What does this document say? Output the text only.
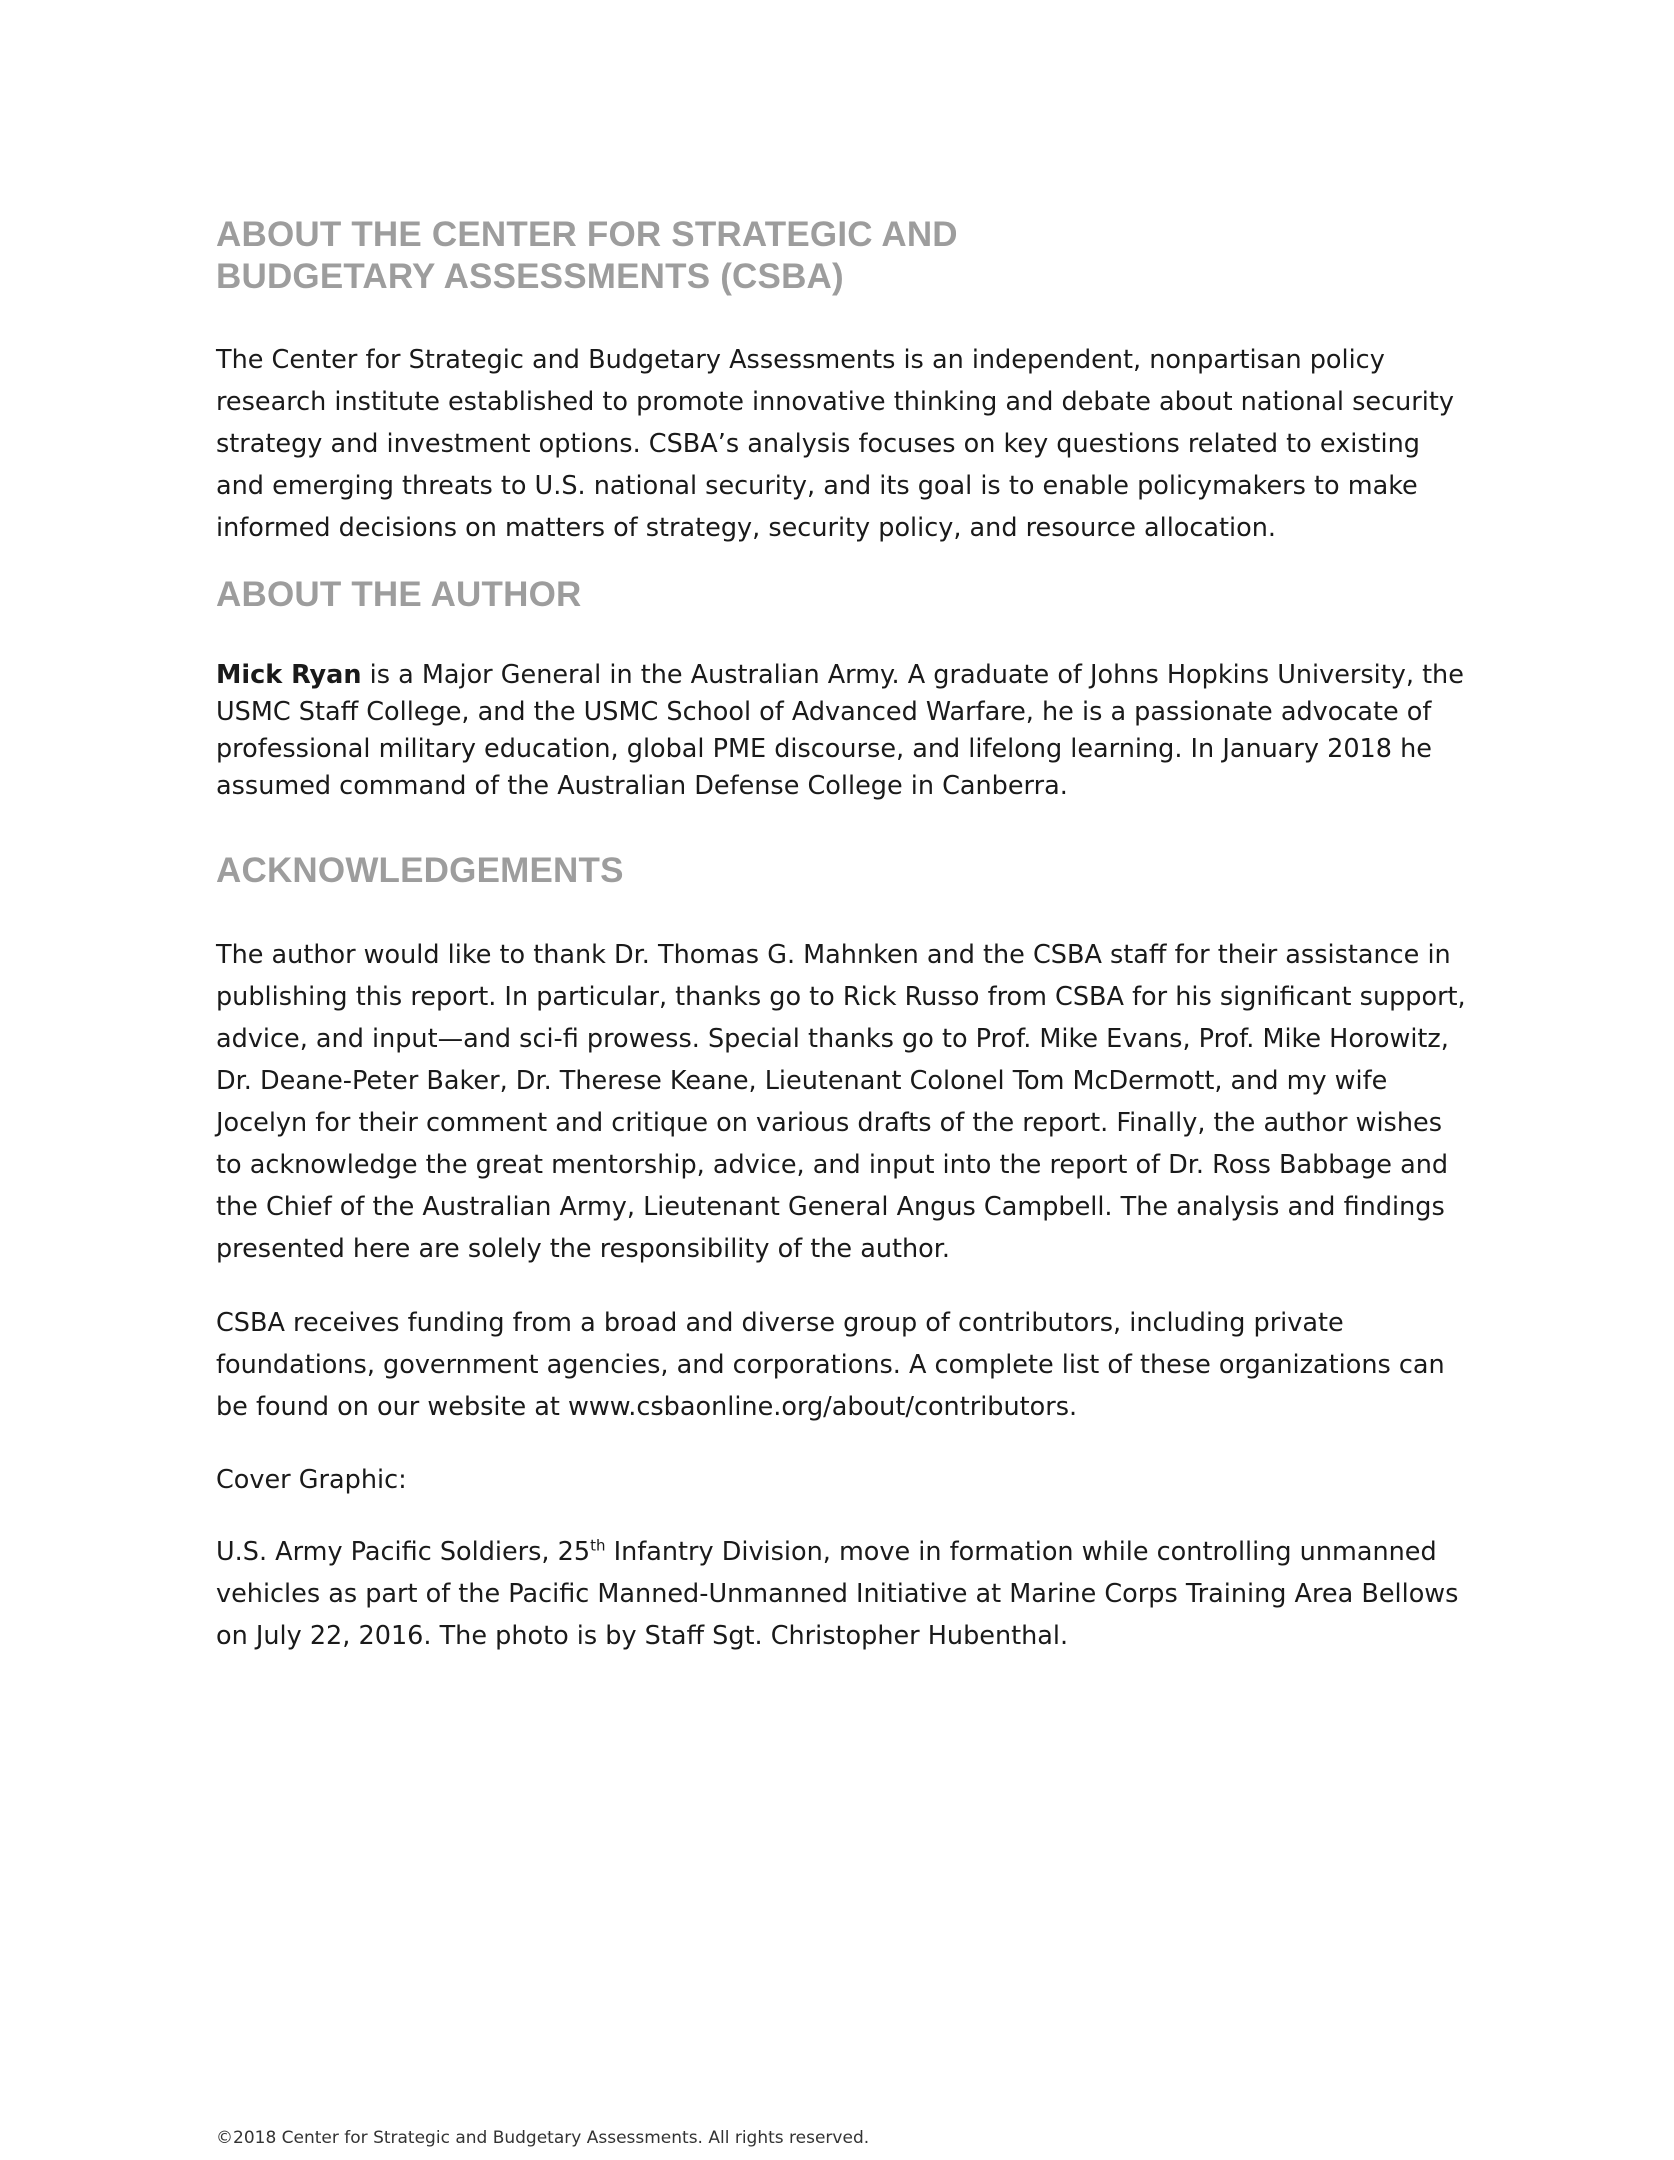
ABOUT THE CENTER FOR STRATEGIC AND
BUDGETARY ASSESSMENTS (CSBA)

The Center for Strategic and Budgetary Assessments is an independent, nonpartisan policy research institute established to promote innovative thinking and debate about national security strategy and investment options. CSBA’s analysis focuses on key questions related to existing and emerging threats to U.S. national security, and its goal is to enable policymakers to make informed decisions on matters of strategy, security policy, and resource allocation.

ABOUT THE AUTHOR

Mick Ryan is a Major General in the Australian Army. A graduate of Johns Hopkins University, the USMC Staff College, and the USMC School of Advanced Warfare, he is a passionate advocate of professional military education, global PME discourse, and lifelong learning. In January 2018 he assumed command of the Australian Defense College in Canberra.

ACKNOWLEDGEMENTS

The author would like to thank Dr. Thomas G. Mahnken and the CSBA staff for their assistance in publishing this report. In particular, thanks go to Rick Russo from CSBA for his significant support, advice, and input—and sci-fi prowess. Special thanks go to Prof. Mike Evans, Prof. Mike Horowitz, Dr. Deane-Peter Baker, Dr. Therese Keane, Lieutenant Colonel Tom McDermott, and my wife Jocelyn for their comment and critique on various drafts of the report. Finally, the author wishes to acknowledge the great mentorship, advice, and input into the report of Dr. Ross Babbage and the Chief of the Australian Army, Lieutenant General Angus Campbell. The analysis and findings presented here are solely the responsibility of the author.

CSBA receives funding from a broad and diverse group of contributors, including private foundations, government agencies, and corporations. A complete list of these organizations can be found on our website at www.csbaonline.org/about/contributors.

Cover Graphic:

U.S. Army Pacific Soldiers, 25th Infantry Division, move in formation while controlling unmanned vehicles as part of the Pacific Manned-Unmanned Initiative at Marine Corps Training Area Bellows on July 22, 2016. The photo is by Staff Sgt. Christopher Hubenthal.

©2018 Center for Strategic and Budgetary Assessments. All rights reserved.
